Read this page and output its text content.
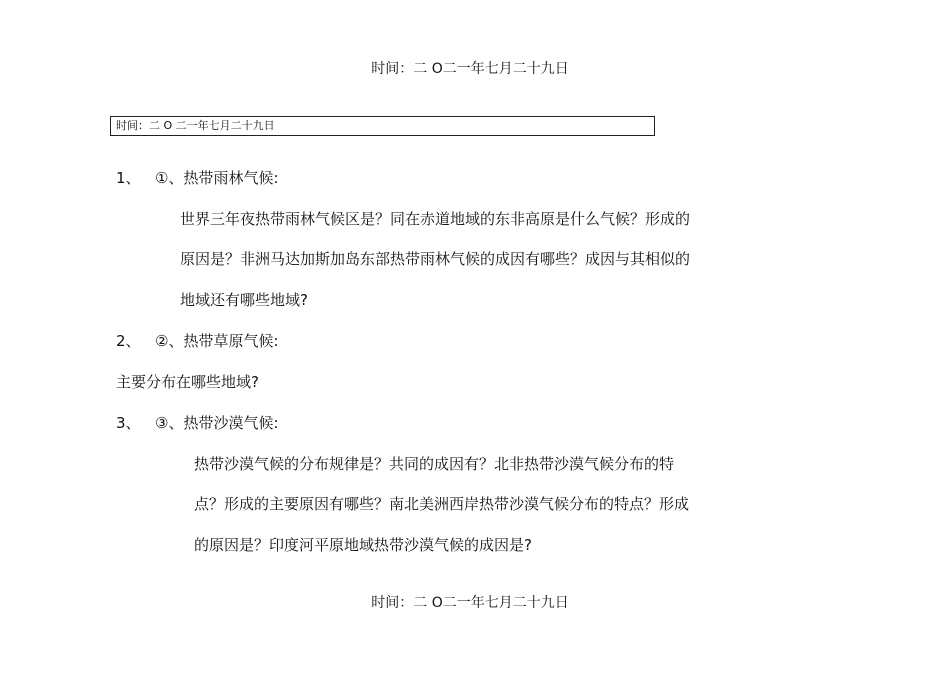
时间：二 O二一年七月二十九日
时间：二 O 二一年七月二十九日
1、 ①、热带雨林气候:
世界三年夜热带雨林气候区是？同在赤道地域的东非高原是什么气候？形成的
原因是？非洲马达加斯加岛东部热带雨林气候的成因有哪些？成因与其相似的
地域还有哪些地域?
2、 ②、热带草原气候:
主要分布在哪些地域?
3、 ③、热带沙漠气候:
热带沙漠气候的分布规律是？共同的成因有？北非热带沙漠气候分布的特
点？形成的主要原因有哪些？南北美洲西岸热带沙漠气候分布的特点？形成
的原因是？印度河平原地域热带沙漠气候的成因是?
时间：二 O二一年七月二十九日
